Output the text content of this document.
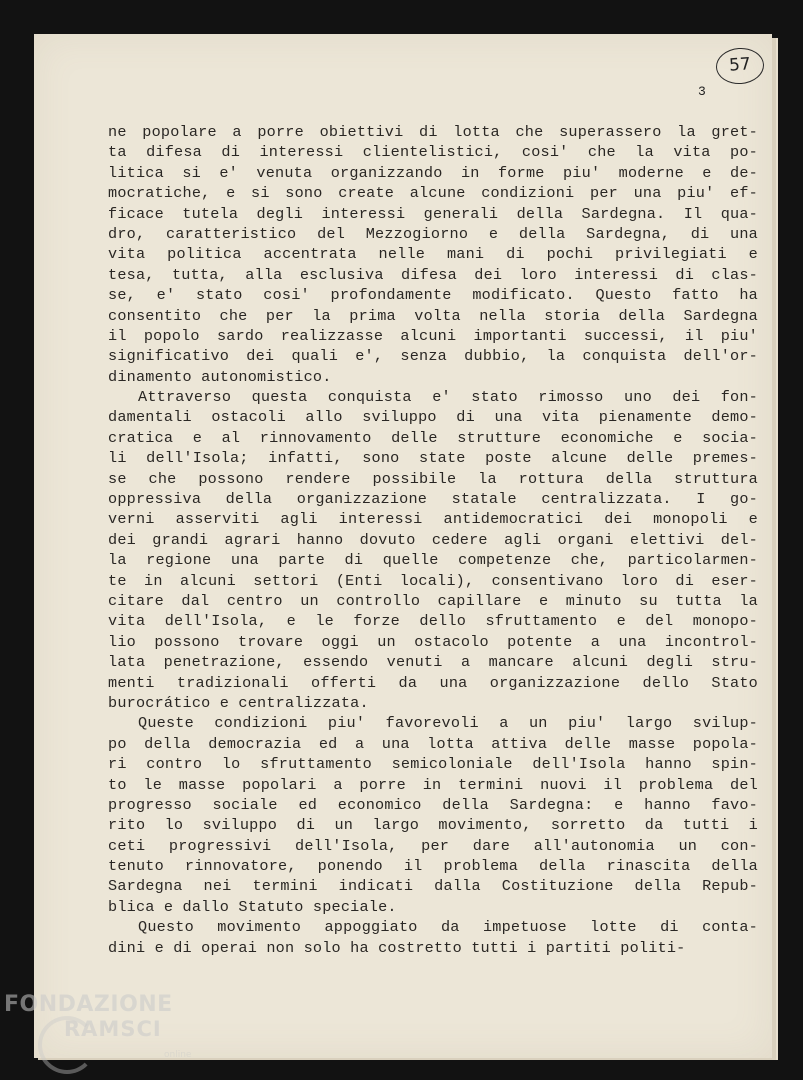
57
3
ne popolare a porre obiettivi di lotta che superassero la gret-
ta difesa di interessi clientelistici, cosi' che la vita po-
litica si e' venuta organizzando in forme piu' moderne e de-
mocratiche, e si sono create alcune condizioni per una piu' ef-
ficace tutela degli interessi generali della Sardegna. Il qua-
dro, caratteristico del Mezzogiorno e della Sardegna, di una
vita politica accentrata nelle mani di pochi privilegiati e
tesa, tutta, alla esclusiva difesa dei loro interessi di clas-
se, e' stato cosi' profondamente modificato. Questo fatto ha
consentito che per la prima volta nella storia della Sardegna
il popolo sardo realizzasse alcuni importanti successi, il piu'
significativo dei quali e', senza dubbio, la conquista dell'or-
dinamento autonomistico.
Attraverso questa conquista e' stato rimosso uno dei fon-
damentali ostacoli allo sviluppo di una vita pienamente demo-
cratica e al rinnovamento delle strutture economiche e socia-
li dell'Isola; infatti, sono state poste alcune delle premes-
se che possono rendere possibile la rottura della struttura
oppressiva della organizzazione statale centralizzata. I go-
verni asserviti agli interessi antidemocratici dei monopoli e
dei grandi agrari hanno dovuto cedere agli organi elettivi del-
la regione una parte di quelle competenze che, particolarmen-
te in alcuni settori (Enti locali), consentivano loro di eser-
citare dal centro un controllo capillare e minuto su tutta la
vita dell'Isola, e le forze dello sfruttamento e del monopo-
lio possono trovare oggi un ostacolo potente a una incontrol-
lata penetrazione, essendo venuti a mancare alcuni degli stru-
menti tradizionali offerti da una organizzazione dello Stato
burocrático e centralizzata.
Queste condizioni piu' favorevoli a un piu' largo svilup-
po della democrazia ed a una lotta attiva delle masse popola-
ri contro lo sfruttamento semicoloniale dell'Isola hanno spin-
to le masse popolari a porre in termini nuovi il problema del
progresso sociale ed economico della Sardegna: e hanno favo-
rito lo sviluppo di un largo movimento, sorretto da tutti i
ceti progressivi dell'Isola, per dare all'autonomia un con-
tenuto rinnovatore, ponendo il problema della rinascita della
Sardegna nei termini indicati dalla Costituzione della Repub-
blica e dallo Statuto speciale.
Questo movimento appoggiato da impetuose lotte di conta-
dini e di operai non solo ha costretto tutti i partiti politi-
FONDAZIONE
RAMSCI
online
